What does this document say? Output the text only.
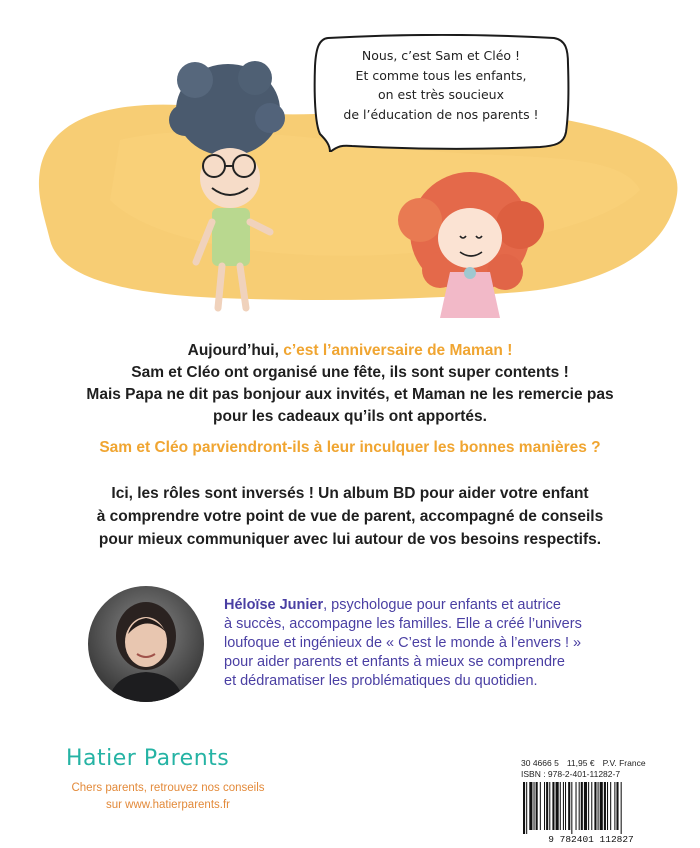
Nous, c’est Sam et Cléo !
Et comme tous les enfants,
on est très soucieux
de l’éducation de nos parents !
Aujourd’hui, c’est l’anniversaire de Maman !
Sam et Cléo ont organisé une fête, ils sont super contents !
Mais Papa ne dit pas bonjour aux invités, et Maman ne les remercie pas
pour les cadeaux qu’ils ont apportés.
Sam et Cléo parviendront-ils à leur inculquer les bonnes manières ?
Ici, les rôles sont inversés ! Un album BD pour aider votre enfant
à comprendre votre point de vue de parent, accompagné de conseils
pour mieux communiquer avec lui autour de vos besoins respectifs.
Héloïse Junier, psychologue pour enfants et autrice
à succès, accompagne les familles. Elle a créé l’univers
loufoque et ingénieux de « C’est le monde à l’envers ! »
pour aider parents et enfants à mieux se comprendre
et dédramatiser les problématiques du quotidien.
Hatier Parents
Chers parents, retrouvez nos conseils
sur www.hatierparents.fr
30 4666 5 11,95 € P.V. France
ISBN : 978-2-401-11282-7
9 782401 112827
